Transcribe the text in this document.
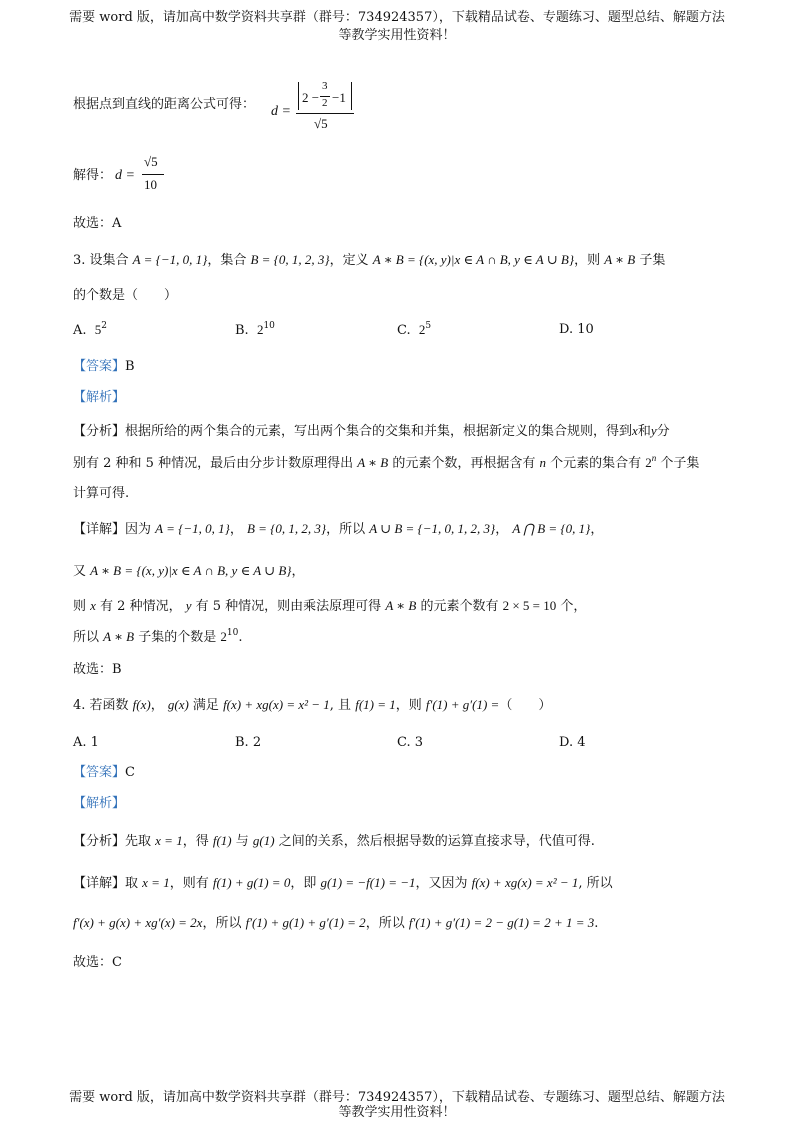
需要 word 版，请加高中数学资料共享群（群号：734924357），下载精品试卷、专题练习、题型总结、解题方法
等教学实用性资料！
根据点到直线的距离公式可得： d =
2 −
3
2 −1
√5
解得： d =
√5
10
故选：A
3. 设集合 A = {−1, 0, 1}，集合 B = {0, 1, 2, 3}，定义 A ∗ B = {(x, y)|x ∈ A ∩ B, y ∈ A ∪ B}，则 A ∗ B 子集
的个数是（　　）
A. $5^2$	B. $2^{10}$	C. $2^5$	D. 10
【答案】B
【解析】
【分析】根据所给的两个集合的元素，写出两个集合的交集和并集，根据新定义的集合规则，得到x和y分
别有 2 种和 5 种情况，最后由分步计数原理得出 A ∗ B 的元素个数，再根据含有 n 个元素的集合有 2$^n$ 个子集
计算可得.
【详解】因为 A = {−1, 0, 1}， B = {0, 1, 2, 3}，所以 A ∪ B = {−1, 0, 1, 2, 3}， A ⋂ B = {0, 1}，
又 A ∗ B = {(x, y)|x ∈ A ∩ B, y ∈ A ∪ B}，
则 x 有 2 种情况， y 有 5 种情况，则由乘法原理可得 A ∗ B 的元素个数有 2 × 5 = 10 个，
所以 A ∗ B 子集的个数是 $2^{10}$.
故选：B
4. 若函数 f(x)， g(x) 满足 f(x) + xg(x) = x² − 1, 且 f(1) = 1，则 f′(1) + g′(1) =（　　）
A. 1	B. 2	C. 3	D. 4
【答案】C
【解析】
【分析】先取 x = 1，得 f(1) 与 g(1) 之间的关系，然后根据导数的运算直接求导，代值可得.
【详解】取 x = 1，则有 f(1) + g(1) = 0，即 g(1) = −f(1) = −1，又因为 f(x) + xg(x) = x² − 1, 所以
f′(x) + g(x) + xg′(x) = 2x，所以 f′(1) + g(1) + g′(1) = 2，所以 f′(1) + g′(1) = 2 − g(1) = 2 + 1 = 3.
故选：C
需要 word 版，请加高中数学资料共享群（群号：734924357），下载精品试卷、专题练习、题型总结、解题方法
等教学实用性资料！
